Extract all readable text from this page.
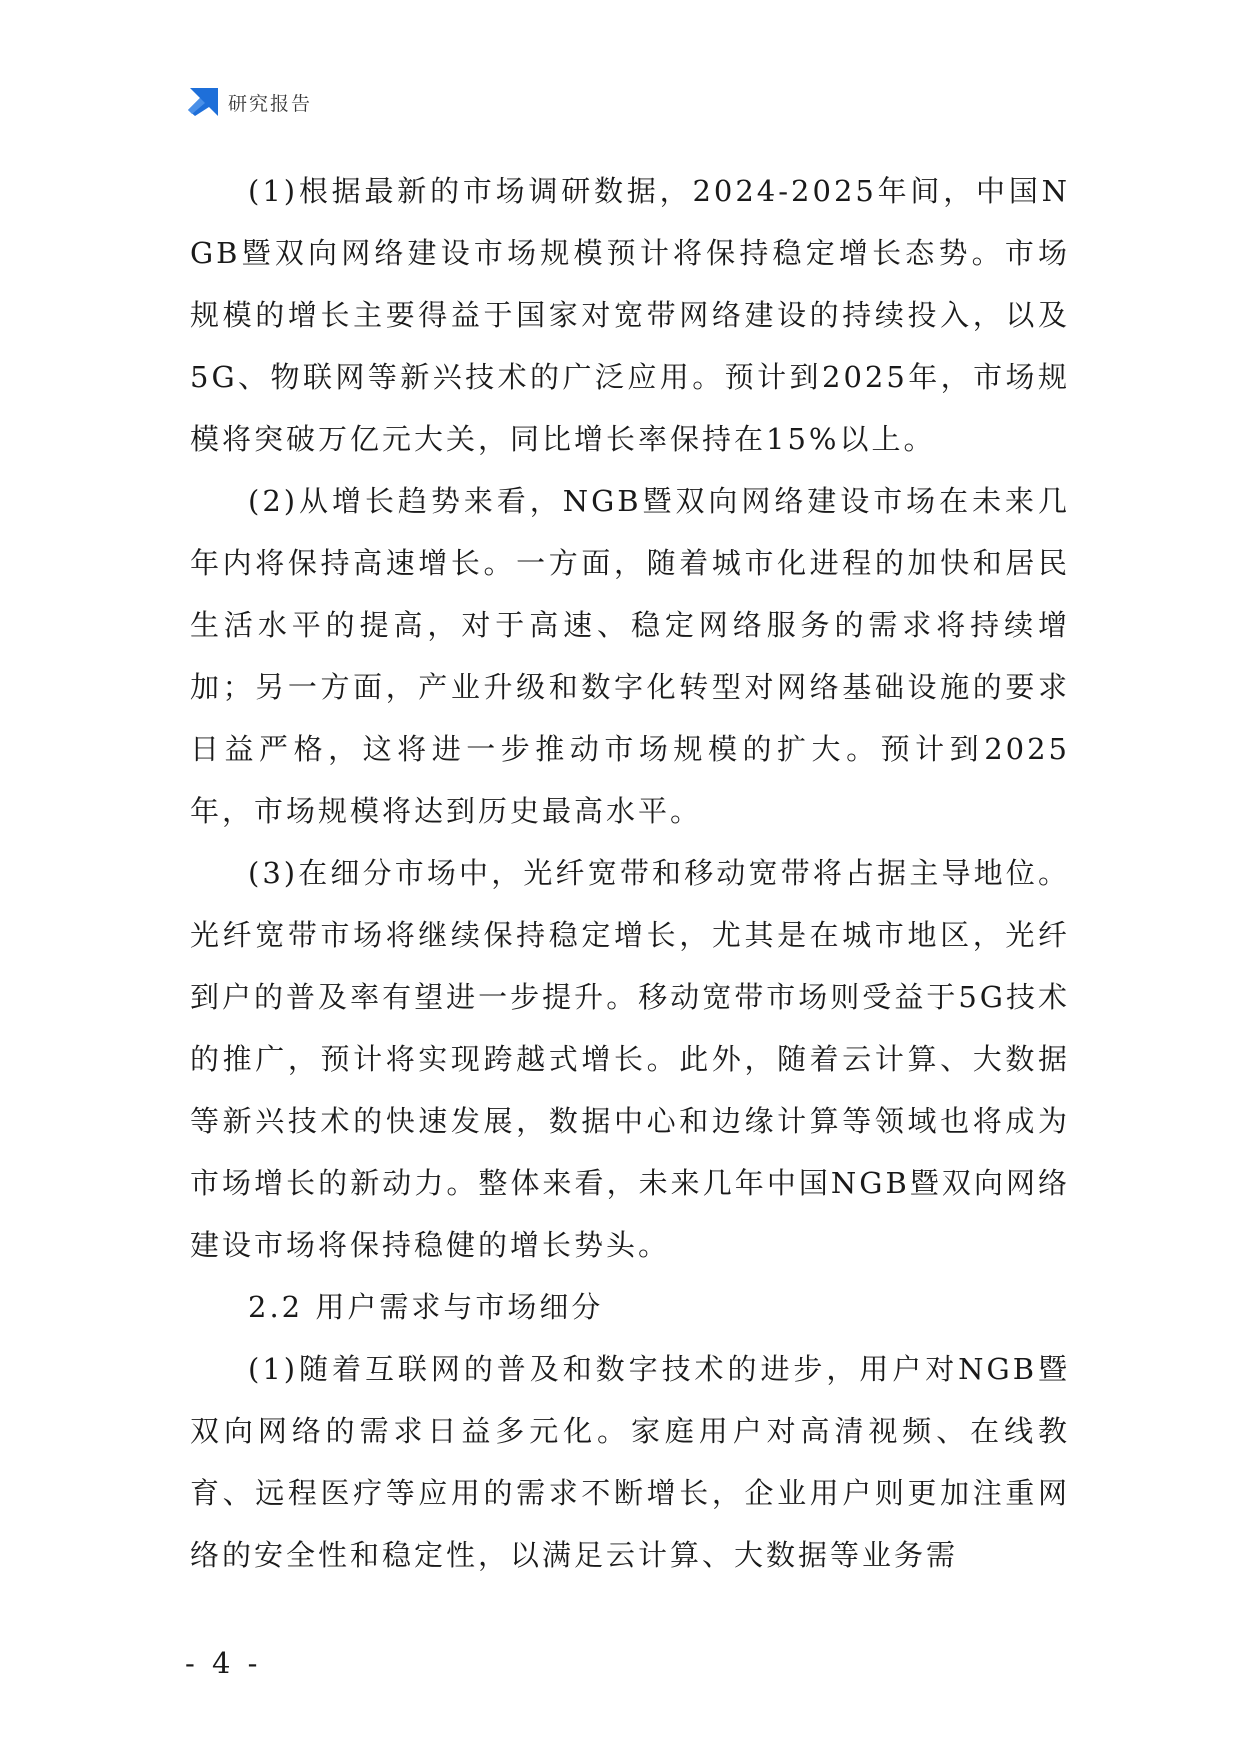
研究报告

(1)根据最新的市场调研数据，2024-2025年间，中国NGB暨双向网络建设市场规模预计将保持稳定增长态势。市场规模的增长主要得益于国家对宽带网络建设的持续投入，以及5G、物联网等新兴技术的广泛应用。预计到2025年，市场规模将突破万亿元大关，同比增长率保持在15%以上。

(2)从增长趋势来看，NGB暨双向网络建设市场在未来几年内将保持高速增长。一方面，随着城市化进程的加快和居民生活水平的提高，对于高速、稳定网络服务的需求将持续增加；另一方面，产业升级和数字化转型对网络基础设施的要求日益严格，这将进一步推动市场规模的扩大。预计到2025年，市场规模将达到历史最高水平。

(3)在细分市场中，光纤宽带和移动宽带将占据主导地位。光纤宽带市场将继续保持稳定增长，尤其是在城市地区，光纤到户的普及率有望进一步提升。移动宽带市场则受益于5G技术的推广，预计将实现跨越式增长。此外，随着云计算、大数据等新兴技术的快速发展，数据中心和边缘计算等领域也将成为市场增长的新动力。整体来看，未来几年中国NGB暨双向网络建设市场将保持稳健的增长势头。

2.2 用户需求与市场细分

(1)随着互联网的普及和数字技术的进步，用户对NGB暨双向网络的需求日益多元化。家庭用户对高清视频、在线教育、远程医疗等应用的需求不断增长，企业用户则更加注重网络的安全性和稳定性，以满足云计算、大数据等业务需

- 4 -
